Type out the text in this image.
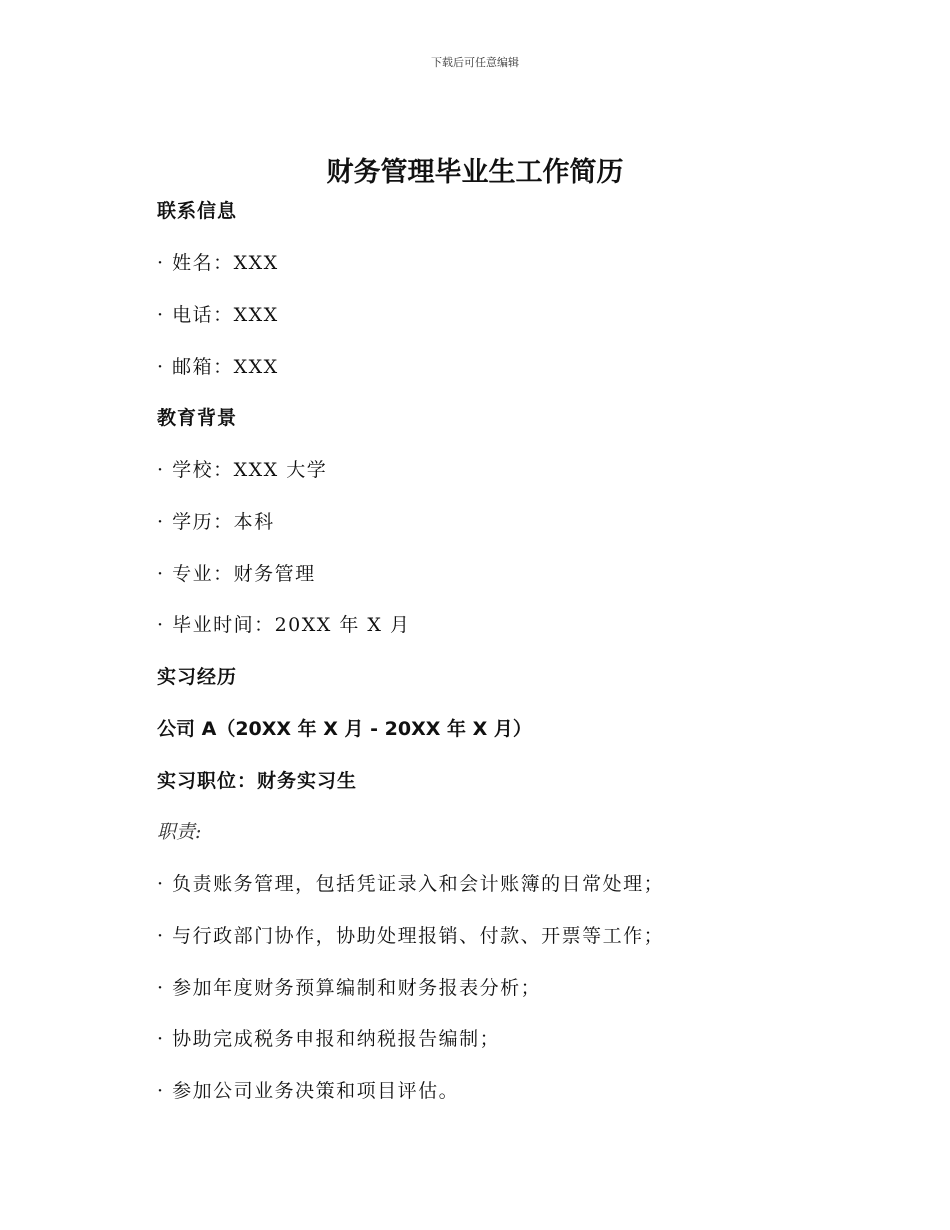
下载后可任意编辑
财务管理毕业生工作简历
联系信息
· 姓名：XXX
· 电话：XXX
· 邮箱：XXX
教育背景
· 学校：XXX 大学
· 学历：本科
· 专业：财务管理
· 毕业时间：20XX 年 X 月
实习经历
公司 A（20XX 年 X 月 - 20XX 年 X 月）
实习职位：财务实习生
职责:
· 负责账务管理，包括凭证录入和会计账簿的日常处理；
· 与行政部门协作，协助处理报销、付款、开票等工作；
· 参加年度财务预算编制和财务报表分析；
· 协助完成税务申报和纳税报告编制；
· 参加公司业务决策和项目评估。
